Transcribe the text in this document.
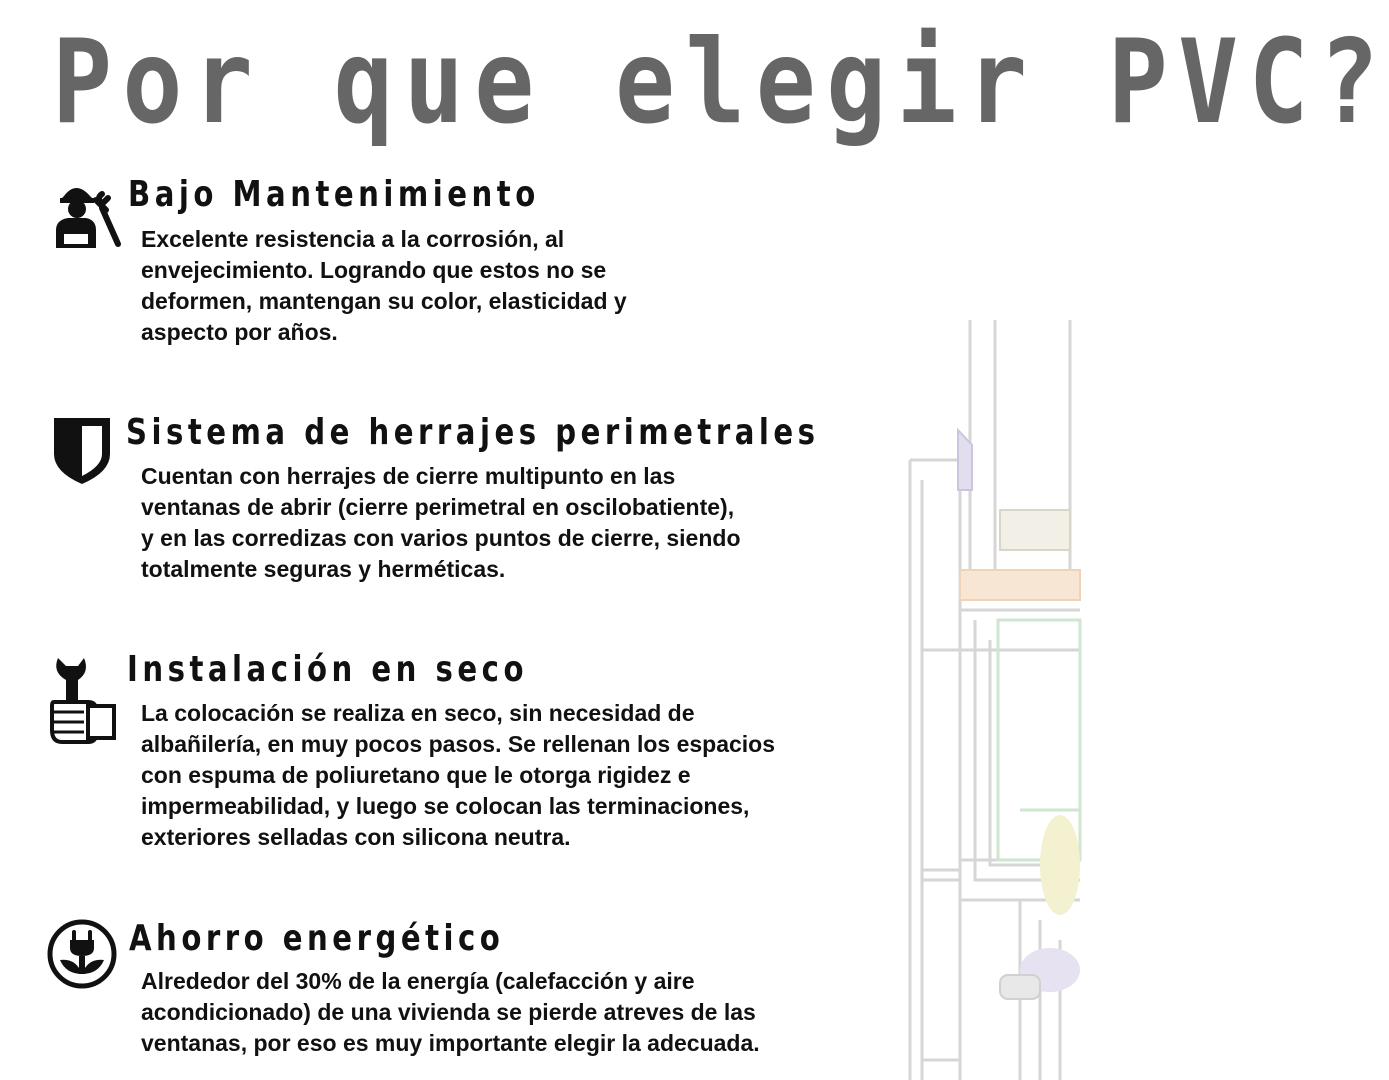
Por que elegir PVC?
Bajo Mantenimiento
Excelente resistencia a la corrosión, al
envejecimiento. Logrando que estos no se
deformen, mantengan su color, elasticidad y
aspecto por años.
Sistema de herrajes perimetrales
Cuentan con herrajes de cierre multipunto en las
ventanas de abrir (cierre perimetral en oscilobatiente),
y en las corredizas con varios puntos de cierre, siendo
totalmente seguras y herméticas.
Instalación en seco
La colocación se realiza en seco, sin necesidad de
albañilería, en muy pocos pasos. Se rellenan los espacios
con espuma de poliuretano que le otorga rigidez e
impermeabilidad, y luego se colocan las terminaciones,
exteriores selladas con silicona neutra.
Ahorro energético
Alrededor del 30% de la energía (calefacción y aire
acondicionado) de una vivienda se pierde atreves de las
ventanas, por eso es muy importante elegir la adecuada.
